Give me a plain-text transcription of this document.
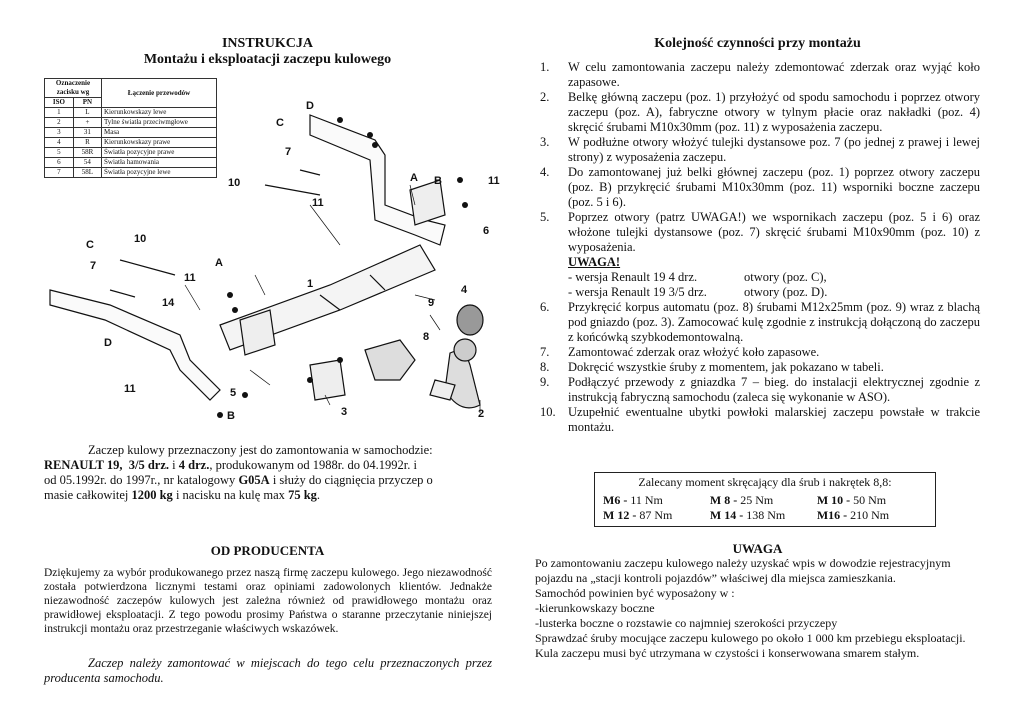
INSTRUKCJA
Montażu i eksploatacji zaczepu kulowego
Oznaczenie zacisku wg		Łączenie przewodów
ISO	PN	
1	L	Kierunkowskazy lewe
2	+	Tylne światła przeciwmgłowe
3	31	Masa
4	R	Kierunkowskazy prawe
5	58R	Światła pozycyjne prawe
6	54	Światła hamowania
7	58L	Światła pozycyjne lewe
D
C
7
10
11
A B	11
6
C	10
7
11
A
14
D
1	4
9
8
11	5
B	3	2
Zaczep kulowy przeznaczony jest do zamontowania w samochodzie:
RENAULT 19, 3/5 drz. i 4 drz., produkowanym od 1988r. do 04.1992r. i
od 05.1992r. do 1997r., nr katalogowy G05A i służy do ciągnięcia przyczep o
masie całkowitej 1200 kg i nacisku na kulę max 75 kg.
OD PRODUCENTA
Dziękujemy za wybór produkowanego przez naszą firmę zaczepu kulowego. Jego niezawodność została potwierdzona licznymi testami oraz opiniami zadowolonych klientów. Jednakże niezawodność zaczepów kulowych jest zależna również od prawidłowego montażu oraz prawidłowej eksploatacji. Z tego powodu prosimy Państwa o staranne przeczytanie niniejszej instrukcji montażu oraz przestrzeganie właściwych wskazówek.
Zaczep należy zamontować w miejscach do tego celu przeznaczonych przez producenta samochodu.
Kolejność czynności przy montażu
1. W celu zamontowania zaczepu należy zdemontować zderzak oraz wyjąć koło zapasowe.
2. Belkę główną zaczepu (poz. 1) przyłożyć od spodu samochodu i poprzez otwory zaczepu (poz. A), fabryczne otwory w tylnym płacie oraz nakładki (poz. 4) skręcić śrubami M10x30mm (poz. 11) z wyposażenia zaczepu.
3. W podłużne otwory włożyć tulejki dystansowe poz. 7 (po jednej z prawej i lewej strony) z wyposażenia zaczepu.
4. Do zamontowanej już belki głównej zaczepu (poz. 1) poprzez otwory zaczepu (poz. B) przykręcić śrubami M10x30mm (poz. 11) wsporniki boczne zaczepu (poz. 5 i 6).
5. Poprzez otwory (patrz UWAGA!) we wspornikach zaczepu (poz. 5 i 6) oraz włożone tulejki dystansowe (poz. 7) skręcić śrubami M10x90mm (poz. 10) z wyposażenia.
UWAGA!
- wersja Renault 19 4 drz.	otwory (poz. C),
- wersja Renault 19 3/5 drz.	otwory (poz. D).
6. Przykręcić korpus automatu (poz. 8) śrubami M12x25mm (poz. 9) wraz z blachą pod gniazdo (poz. 3). Zamocować kulę zgodnie z instrukcją dołączoną do zaczepu z końcówką szybkodemontowalną.
7. Zamontować zderzak oraz włożyć koło zapasowe.
8. Dokręcić wszystkie śruby z momentem, jak pokazano w tabeli.
9. Podłączyć przewody z gniazdka 7 – bieg. do instalacji elektrycznej zgodnie z instrukcją fabryczną samochodu (zaleca się wykonanie w ASO).
10. Uzupełnić ewentualne ubytki powłoki malarskiej zaczepu powstałe w trakcie montażu.
Zalecany moment skręcający dla śrub i nakrętek 8,8:
M6 - 11 Nm	M 8 - 25 Nm	M 10 - 50 Nm
M 12 - 87 Nm	M 14 - 138 Nm	M16 - 210 Nm
UWAGA
Po zamontowaniu zaczepu kulowego należy uzyskać wpis w dowodzie rejestracyjnym pojazdu na „stacji kontroli pojazdów” właściwej dla miejsca zamieszkania.
Samochód powinien być wyposażony w :
-kierunkowskazy boczne
-lusterka boczne o rozstawie co najmniej szerokości przyczepy
Sprawdzać śruby mocujące zaczepu kulowego po około 1 000 km przebiegu eksploatacji.
Kula zaczepu musi być utrzymana w czystości i konserwowana smarem stałym.
